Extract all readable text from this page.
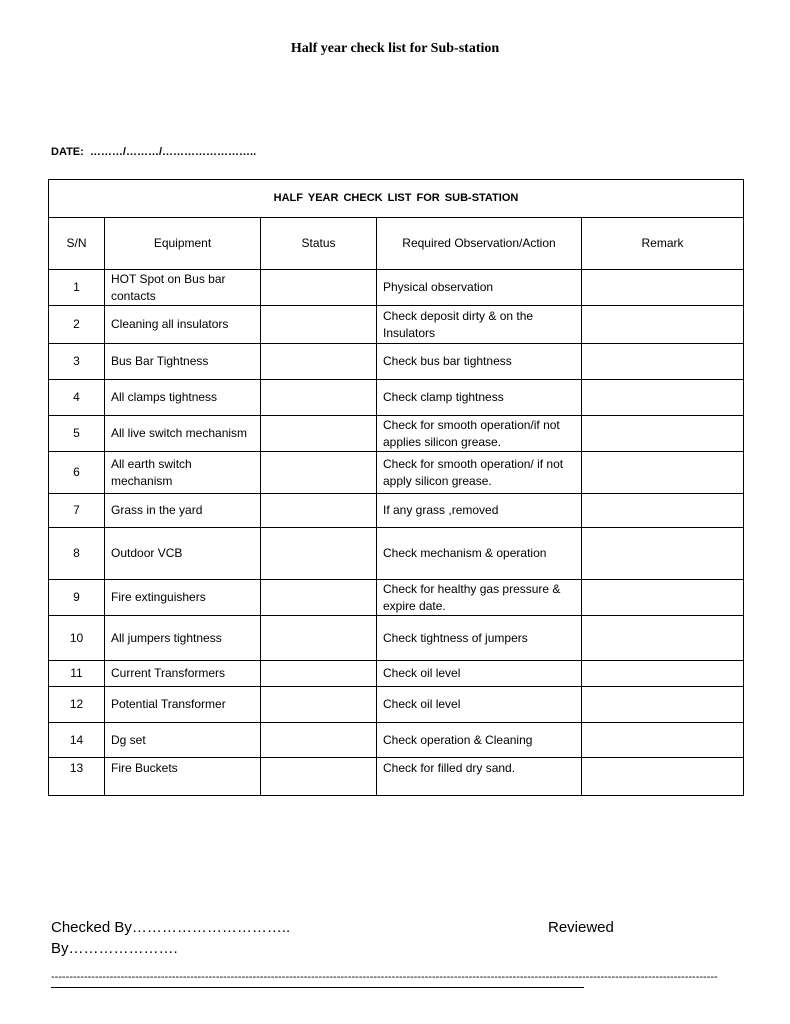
Half year check list for Sub-station
DATE:  ………/………/……………………..
HALF YEAR CHECK LIST FOR SUB-STATION				
S/N	Equipment	Status	Required Observation/Action	Remark
1	HOT Spot on Bus bar contacts		Physical observation	
2	Cleaning all insulators		Check deposit dirty & on the Insulators	
3	Bus Bar Tightness		Check bus bar tightness	
4	All clamps tightness		Check clamp tightness	
5	All live switch mechanism		Check for smooth operation/if not applies silicon grease.	
6	All earth switch mechanism		Check for smooth operation/ if not apply silicon grease.	
7	Grass in the yard		If any grass ,removed	
8	Outdoor VCB		Check mechanism & operation	
9	Fire extinguishers		Check for healthy gas pressure & expire date.	
10	All jumpers tightness		Check tightness of jumpers	
11	Current Transformers		Check oil level	
12	Potential Transformer		Check oil level	
14	Dg set		Check operation & Cleaning	
13	Fire Buckets		Check for filled dry sand.	
Checked By…………………………..	Reviewed
By………………….
--------------------------------------------------------------------------------------------------------------------------------------------------------------------------------------
